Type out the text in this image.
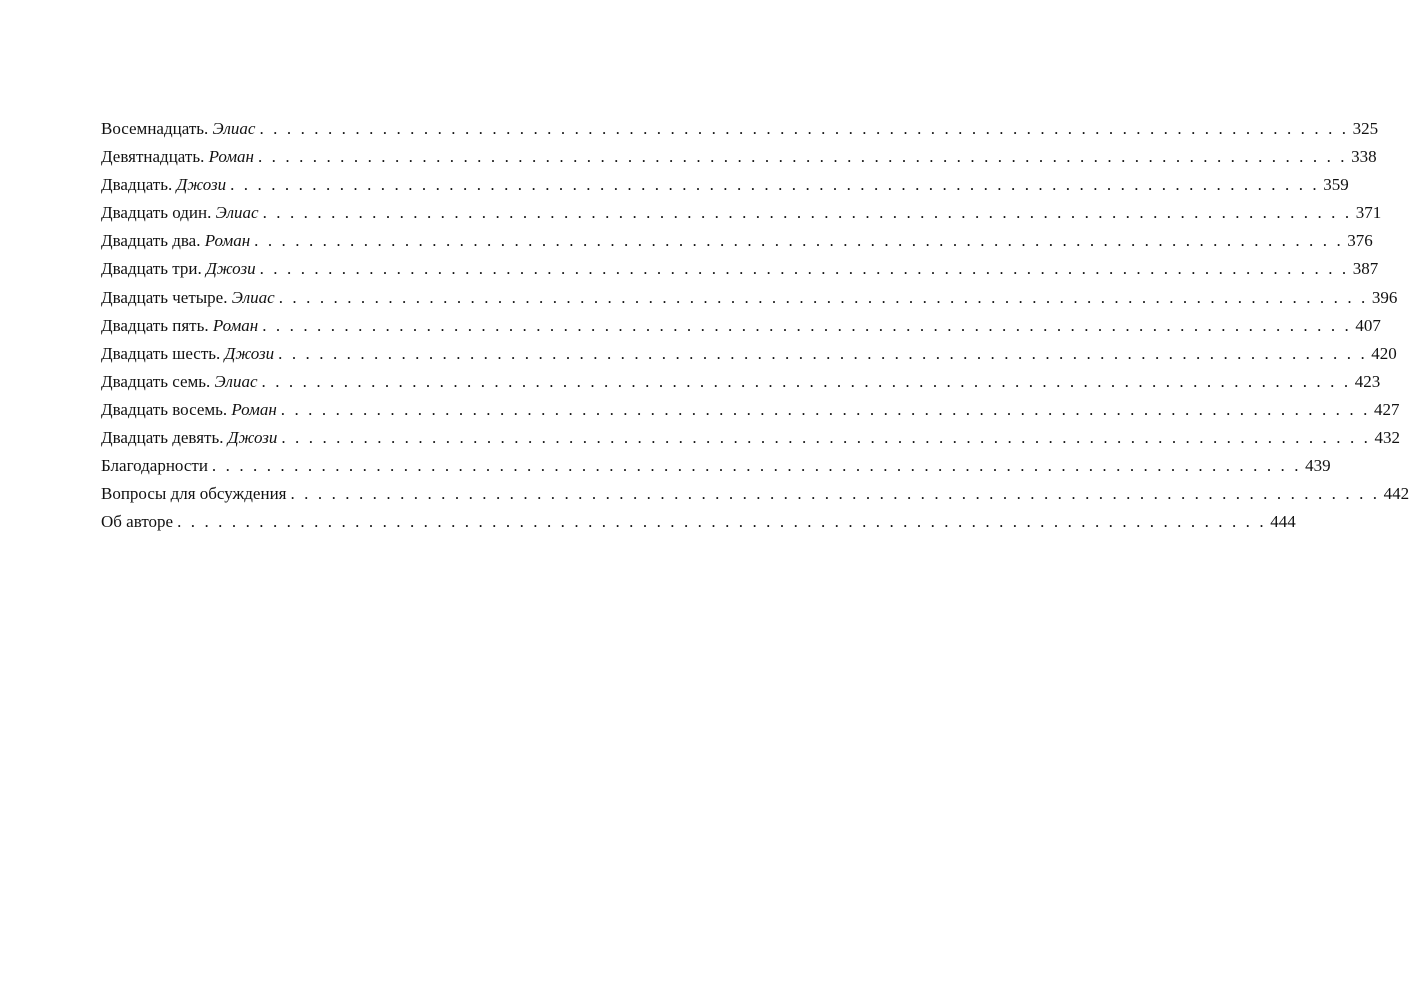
Восемнадцать. Элиас . . . . . . . . . . . . . . . . . . . . . . . . . . . . . . . . . . . . . . . . . . . . . . . . . . . . . . . . . . . . . . . . . . . . . . . . . . . . . . . . 325
Девятнадцать. Роман . . . . . . . . . . . . . . . . . . . . . . . . . . . . . . . . . . . . . . . . . . . . . . . . . . . . . . . . . . . . . . . . . . . . . . . . . . . . . . . . 338
Двадцать. Джози . . . . . . . . . . . . . . . . . . . . . . . . . . . . . . . . . . . . . . . . . . . . . . . . . . . . . . . . . . . . . . . . . . . . . . . . . . . . . . . . 359
Двадцать один. Элиас . . . . . . . . . . . . . . . . . . . . . . . . . . . . . . . . . . . . . . . . . . . . . . . . . . . . . . . . . . . . . . . . . . . . . . . . . . . . . . . . 371
Двадцать два. Роман . . . . . . . . . . . . . . . . . . . . . . . . . . . . . . . . . . . . . . . . . . . . . . . . . . . . . . . . . . . . . . . . . . . . . . . . . . . . . . . . 376
Двадцать три. Джози . . . . . . . . . . . . . . . . . . . . . . . . . . . . . . . . . . . . . . . . . . . . . . . . . . . . . . . . . . . . . . . . . . . . . . . . . . . . . . . . 387
Двадцать четыре. Элиас . . . . . . . . . . . . . . . . . . . . . . . . . . . . . . . . . . . . . . . . . . . . . . . . . . . . . . . . . . . . . . . . . . . . . . . . . . . . . . . . 396
Двадцать пять. Роман . . . . . . . . . . . . . . . . . . . . . . . . . . . . . . . . . . . . . . . . . . . . . . . . . . . . . . . . . . . . . . . . . . . . . . . . . . . . . . . . 407
Двадцать шесть. Джози . . . . . . . . . . . . . . . . . . . . . . . . . . . . . . . . . . . . . . . . . . . . . . . . . . . . . . . . . . . . . . . . . . . . . . . . . . . . . . . . 420
Двадцать семь. Элиас . . . . . . . . . . . . . . . . . . . . . . . . . . . . . . . . . . . . . . . . . . . . . . . . . . . . . . . . . . . . . . . . . . . . . . . . . . . . . . . . 423
Двадцать восемь. Роман . . . . . . . . . . . . . . . . . . . . . . . . . . . . . . . . . . . . . . . . . . . . . . . . . . . . . . . . . . . . . . . . . . . . . . . . . . . . . . . . 427
Двадцать девять. Джози . . . . . . . . . . . . . . . . . . . . . . . . . . . . . . . . . . . . . . . . . . . . . . . . . . . . . . . . . . . . . . . . . . . . . . . . . . . . . . . . 432
Благодарности . . . . . . . . . . . . . . . . . . . . . . . . . . . . . . . . . . . . . . . . . . . . . . . . . . . . . . . . . . . . . . . . . . . . . . . . . . . . . . . . 439
Вопросы для обсуждения . . . . . . . . . . . . . . . . . . . . . . . . . . . . . . . . . . . . . . . . . . . . . . . . . . . . . . . . . . . . . . . . . . . . . . . . . . . . . . . . 442
Об авторе . . . . . . . . . . . . . . . . . . . . . . . . . . . . . . . . . . . . . . . . . . . . . . . . . . . . . . . . . . . . . . . . . . . . . . . . . . . . . . . . 444
